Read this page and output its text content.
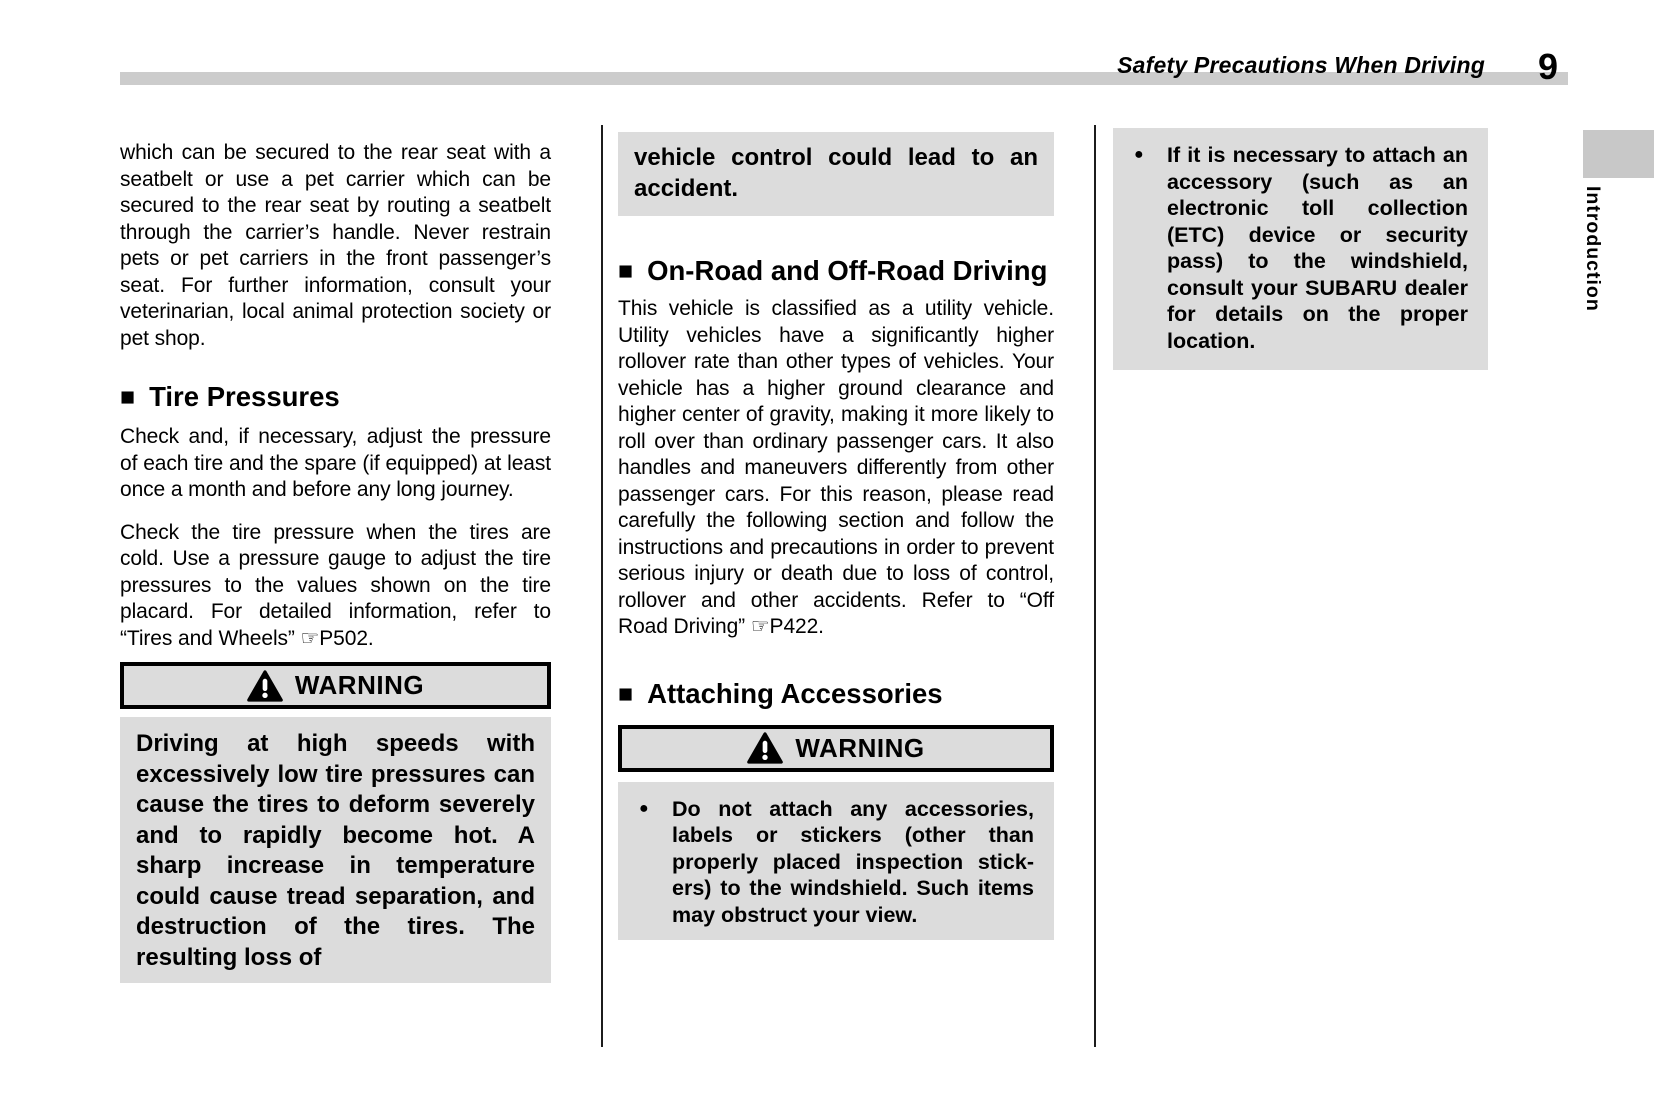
Safety Precautions When Driving	9
Introduction

which can be secured to the rear seat with a seatbelt or use a pet carrier which can be secured to the rear seat by routing a seatbelt through the carrier’s handle. Never restrain pets or pet carriers in the front passenger’s seat. For further information, consult your veterinarian, local animal protection society or pet shop.

■ Tire Pressures

Check and, if necessary, adjust the pressure of each tire and the spare (if equipped) at least once a month and before any long journey.

Check the tire pressure when the tires are cold. Use a pressure gauge to adjust the tire pressures to the values shown on the tire placard. For detailed information, refer to “Tires and Wheels” ☞P502.

WARNING
Driving at high speeds with excessively low tire pressures can cause the tires to deform severely and to rapidly become hot. A sharp increase in temperature could cause tread separation, and destruction of the tires. The resulting loss of
vehicle control could lead to an accident.
■ On-Road and Off-Road Driving

This vehicle is classified as a utility vehicle. Utility vehicles have a significantly higher rollover rate than other types of vehicles. Your vehicle has a higher ground clearance and higher center of gravity, making it more likely to roll over than ordinary passenger cars. It also handles and maneuvers differently from other passenger cars. For this reason, please read carefully the following section and follow the instructions and precautions in order to prevent serious injury or death due to loss of control, rollover and other accidents. Refer to “Off Road Driving” ☞P422.

■ Attaching Accessories
WARNING
●	Do not attach any accessories, labels or stickers (other than properly placed inspection stickers) to the windshield. Such items may obstruct your view.
●	If it is necessary to attach an accessory (such as an electronic toll collection (ETC) device or security pass) to the windshield, consult your SUBARU dealer for details on the proper location.
